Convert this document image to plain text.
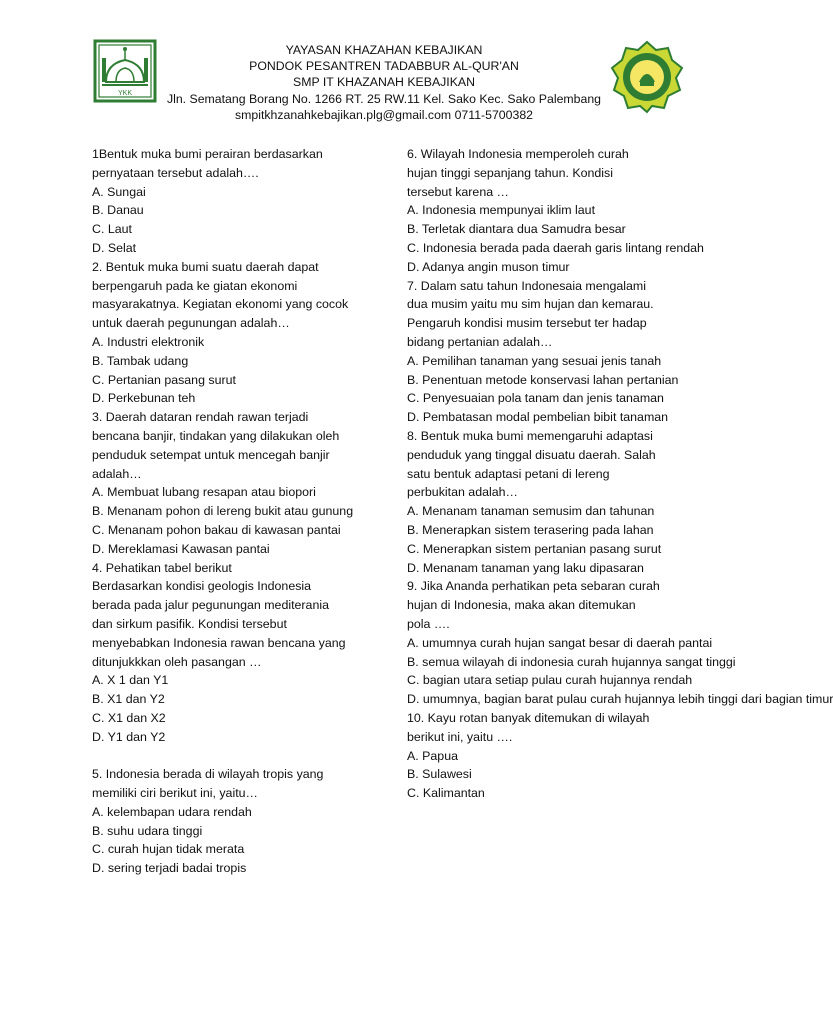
YKK
YAYASAN KHAZAHAN KEBAJIKAN
PONDOK PESANTREN TADABBUR AL-QUR'AN
SMP IT KHAZANAH KEBAJIKAN
Jln. Sematang Borang No. 1266 RT. 25 RW.11 Kel. Sako Kec. Sako Palembang
smpitkhzanahkebajikan.plg@gmail.com 0711-5700382
1Bentuk muka bumi perairan berdasarkan
pernyataan tersebut adalah….
A. Sungai
B. Danau
C. Laut
D. Selat
2. Bentuk muka bumi suatu daerah dapat
berpengaruh pada ke giatan ekonomi
masyarakatnya. Kegiatan ekonomi yang cocok
untuk daerah pegunungan adalah…
A. Industri elektronik
B. Tambak udang
C. Pertanian pasang surut
D. Perkebunan teh
3. Daerah dataran rendah rawan terjadi
bencana banjir, tindakan yang dilakukan oleh
penduduk setempat untuk mencegah banjir
adalah…
A. Membuat lubang resapan atau biopori
B. Menanam pohon di lereng bukit atau gunung
C. Menanam pohon bakau di kawasan pantai
D. Mereklamasi Kawasan pantai
4. Pehatikan tabel berikut
Berdasarkan kondisi geologis Indonesia
berada pada jalur pegunungan mediterania
dan sirkum pasifik. Kondisi tersebut
menyebabkan Indonesia rawan bencana yang
ditunjukkkan oleh pasangan …
A. X 1 dan Y1
B. X1 dan Y2
C. X1 dan X2
D. Y1 dan Y2
5. Indonesia berada di wilayah tropis yang
memiliki ciri berikut ini, yaitu…
A. kelembapan udara rendah
B. suhu udara tinggi
C. curah hujan tidak merata
D. sering terjadi badai tropis
6. Wilayah Indonesia memperoleh curah
hujan tinggi sepanjang tahun. Kondisi
tersebut karena …
A. Indonesia mempunyai iklim laut
B. Terletak diantara dua Samudra besar
C. Indonesia berada pada daerah garis lintang rendah
D. Adanya angin muson timur
7. Dalam satu tahun Indonesaia mengalami
dua musim yaitu mu sim hujan dan kemarau.
Pengaruh kondisi musim tersebut ter hadap
bidang pertanian adalah…
A. Pemilihan tanaman yang sesuai jenis tanah
B. Penentuan metode konservasi lahan pertanian
C. Penyesuaian pola tanam dan jenis tanaman
D. Pembatasan modal pembelian bibit tanaman
8. Bentuk muka bumi memengaruhi adaptasi
penduduk yang tinggal disuatu daerah. Salah
satu bentuk adaptasi petani di lereng
perbukitan adalah…
A. Menanam tanaman semusim dan tahunan
B. Menerapkan sistem terasering pada lahan
C. Menerapkan sistem pertanian pasang surut
D. Menanam tanaman yang laku dipasaran
9. Jika Ananda perhatikan peta sebaran curah
hujan di Indonesia, maka akan ditemukan
pola ….
A. umumnya curah hujan sangat besar di daerah pantai
B. semua wilayah di indonesia curah hujannya sangat tinggi
C. bagian utara setiap pulau curah hujannya rendah
D. umumnya, bagian barat pulau curah hujannya lebih tinggi dari bagian timur
10. Kayu rotan banyak ditemukan di wilayah
berikut ini, yaitu ….
A. Papua
B. Sulawesi
C. Kalimantan
